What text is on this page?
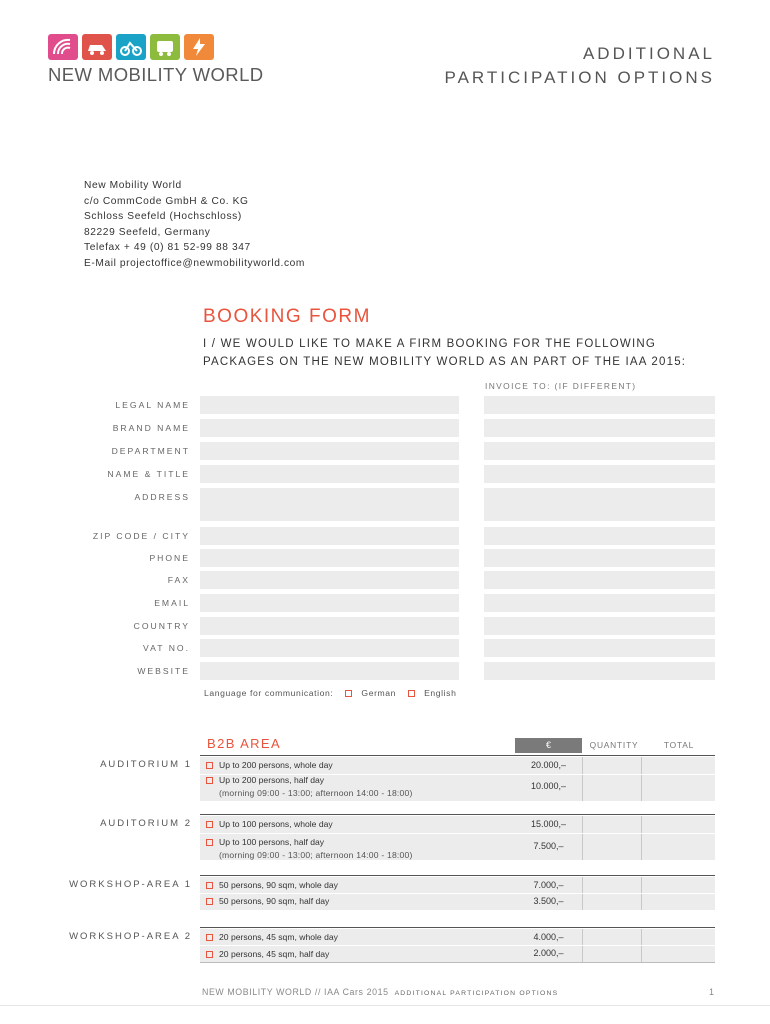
NEW MOBILITY WORLD
ADDITIONAL
PARTICIPATION OPTIONS
New Mobility World
c/o CommCode GmbH & Co. KG
Schloss Seefeld (Hochschloss)
82229 Seefeld, Germany
Telefax + 49 (0) 81 52-99 88 347
E-Mail projectoffice@newmobilityworld.com
BOOKING FORM
I / WE WOULD LIKE TO MAKE A FIRM BOOKING FOR THE FOLLOWING
PACKAGES ON THE NEW MOBILITY WORLD AS AN PART OF THE IAA 2015:
INVOICE TO: (IF DIFFERENT)
LEGAL NAME
BRAND NAME
DEPARTMENT
NAME & TITLE
ADDRESS
ZIP CODE / CITY
PHONE
FAX
EMAIL
COUNTRY
VAT NO.
WEBSITE
Language for communication:	German	English
B2B AREA	€	QUANTITY	TOTAL
AUDITORIUM 1	Up to 200 persons, whole day	20.000,–
Up to 200 persons, half day
(morning 09:00 - 13:00; afternoon 14:00 - 18:00)
10.000,–
AUDITORIUM 2	Up to 100 persons, whole day	15.000,–
Up to 100 persons, half day
(morning 09:00 - 13:00; afternoon 14:00 - 18:00)
7.500,–
WORKSHOP-AREA 1	50 persons, 90 sqm, whole day	7.000,–
50 persons, 90 sqm, half day	3.500,–
WORKSHOP-AREA 2	20 persons, 45 sqm, whole day	4.000,–
20 persons, 45 sqm, half day	2.000,–
NEW MOBILITY WORLD // IAA Cars 2015 ADDITIONAL PARTICIPATION OPTIONS	1
